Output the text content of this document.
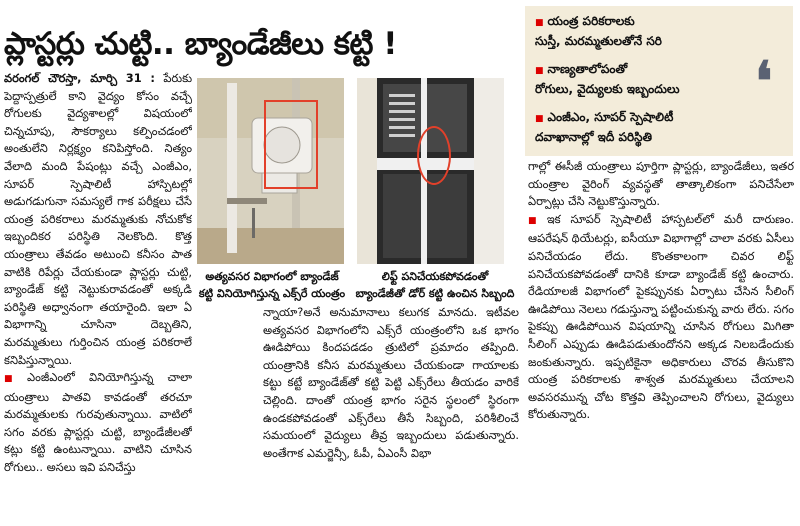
ప్లాస్టర్లు చుట్టి.. బ్యాండేజీలు కట్టి !
■ యంత్ర పరికరాలకు
సుస్తీ, మరమ్మతులతోనే సరి
■ నాణ్యతాలోపంతో
రోగులు, వైద్యులకు ఇబ్బందులు
■ ఎంజీఎం, సూపర్ స్పెషాలిటీ
దవాఖానాల్లో ఇదీ పరిస్థితి
❛

వరంగల్ చౌరస్తా, మార్చి 31 : పేరుకు పెద్దాస్పత్రులే కాని వైద్యం కోసం వచ్చే రోగులకు వైద్యశాలల్లో విషయంలో చిన్నచూపు, సౌకర్యాలు కల్పించడంలో అంతులేని నిర్లక్ష్యం కనిపిస్తోంది. నిత్యం వేలాది మంది పేషంట్లు వచ్చే ఎంజీఎం, సూపర్ స్పెషాలిటీ హాస్పిటల్లో అడుగడుగునా సమస్యలే గాక పరీక్షలు చేసే యంత్ర పరికరాలు మరమ్మతుకు నోచుకోక ఇబ్బందికర పరిస్థితి నెలకొంది. కొత్త యంత్రాలు తేవడం అటుంచి కనీసం పాత వాటికి రిపేర్లు చేయకుండా ప్లాస్టర్లు చుట్టి, బ్యాండేజ్ కట్టి నెట్టుకురావడంతో అక్కడి పరిస్థితి అధ్వానంగా తయారైంది. ఇలా ఏ విభాగాన్ని చూసినా దెబ్బతిని, మరమ్మతులు గుర్తించిన యంత్ర పరికరాలే కనిపిస్తున్నాయి.

■ ఎంజీఎంలో వినియోగిస్తున్న చాలా యంత్రాలు పాతవి కావడంతో తరచూ మరమ్మతులకు గురవుతున్నాయి. వాటిలో సగం వరకు ప్లాస్టర్లు చుట్టి, బ్యాండేజీలతో కట్లు కట్టి ఉంటున్నాయి. వాటిని చూసిన రోగులు.. అసలు ఇవి పనిచేస్తు

అత్యవసర విభాగంలో బ్యాండేజ్
కట్టి వినియోగిస్తున్న ఎక్స్‌రే యంత్రం
లిఫ్ట్ పనిచేయకపోవడంతో
బ్యాండేజీతో డోర్ కట్టి ఉంచిన సిబ్బంది

న్నాయా?అనే అనుమానాలు కలుగక మానదు. ఇటీవల అత్యవసర విభాగంలోని ఎక్స్‌రే యంత్రంలోని ఒక భాగం ఊడిపోయి కిందపడడం త్రుటిలో ప్రమాదం తప్పింది. యంత్రానికి కనీస మరమ్మతులు చేయకుండా గాయాలకు కట్టు కట్టే బ్యాండేజ్‌తో కట్టి పెట్టి ఎక్స్‌రేలు తీయడం వారికే చెల్లింది. దాంతో యంత్ర భాగం సరైన స్థలంలో స్థిరంగా ఉండకపోవడంతో ఎక్స్‌రేలు తీసే సిబ్బంది, పరిశీలించే సమయంలో వైద్యులు తీవ్ర ఇబ్బందులు పడుతున్నారు. అంతేగాక ఎమర్జెన్సీ, ఓపీ, ఏఎంసీ విభా

గాల్లో ఈసీజీ యంత్రాలు పూర్తిగా ప్లాస్టర్లు, బ్యాండేజీలు, ఇతర యంత్రాల వైరింగ్ వ్యవస్థతో తాత్కాలికంగా పనిచేసేలా ఏర్పాట్లు చేసి నెట్టుకొస్తున్నారు.

■ ఇక సూపర్ స్పెషాలిటీ హాస్పటల్‌లో మరీ దారుణం. ఆపరేషన్ థియేటర్లు, ఐసీయూ విభాగాల్లో చాలా వరకు ఏసీలు పనిచేయడం లేదు. కొంతకాలంగా చివర లిఫ్ట్ పనిచేయకపోవడంతో దానికి కూడా బ్యాండేజ్ కట్టి ఉంచారు. రేడియాలజీ విభాగంలో పైకప్పునకు ఏర్పాటు చేసిన సీలింగ్ ఊడిపోయి నెలలు గడుస్తున్నా పట్టించుకున్న వారు లేరు. సగం పైకప్పు ఊడిపోయిన విషయాన్ని చూసిన రోగులు మిగితా సీలింగ్ ఎప్పుడు ఊడిపడుతుందోనని అక్కడ నిలబడేందుకు జంకుతున్నారు. ఇప్పటికైనా అధికారులు చొరవ తీసుకొని యంత్ర పరికరాలకు శాశ్వత మరమ్మతులు చేయాలని అవసరమున్న చోట కొత్తవి తెప్పించాలని రోగులు, వైద్యులు కోరుతున్నారు.
